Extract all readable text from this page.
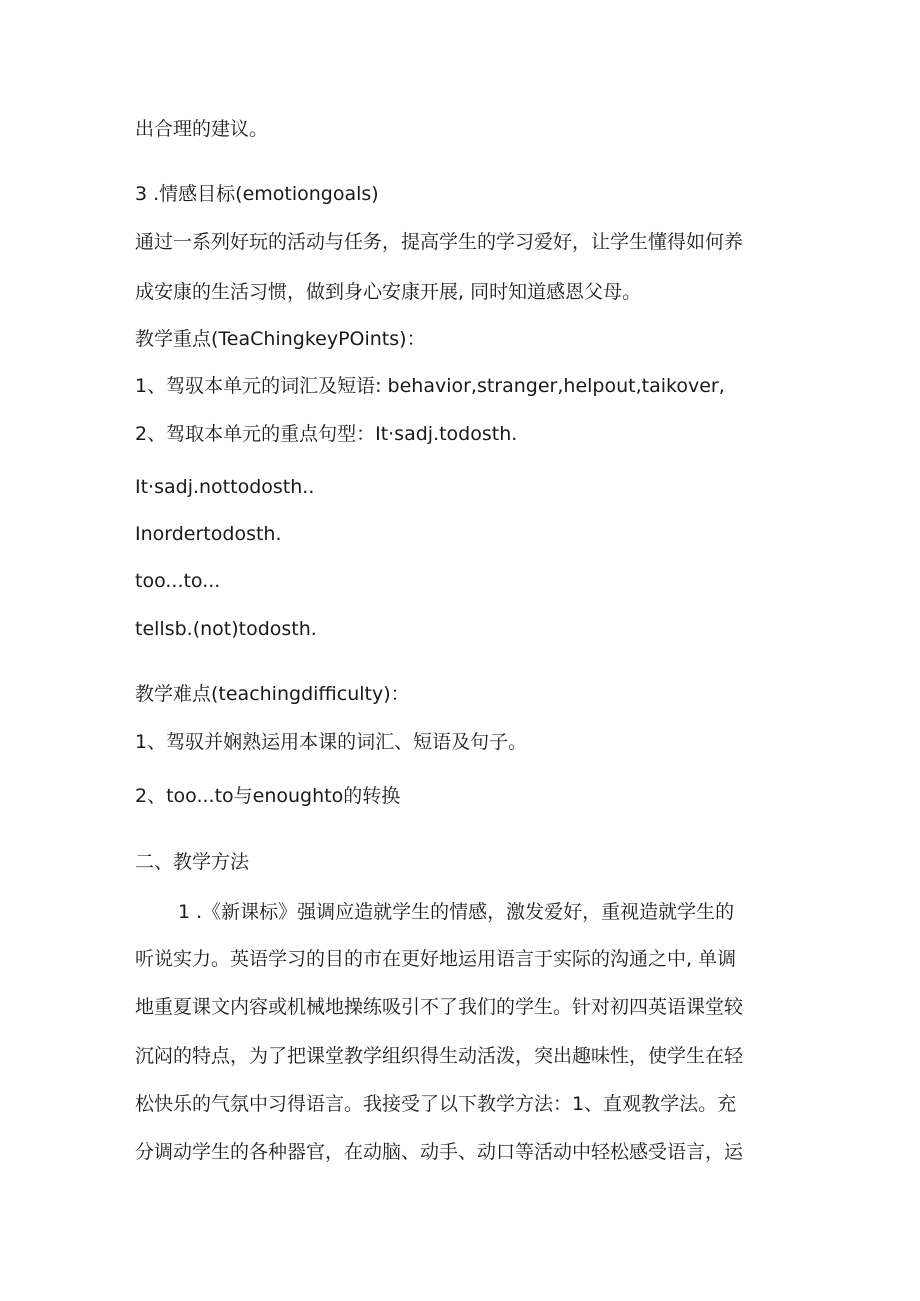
出合理的建议。
3 .情感目标(emotiongoals)
通过一系列好玩的活动与任务，提高学生的学习爱好，让学生懂得如何养
成安康的生活习惯，做到身心安康开展, 同时知道感恩父母。
教学重点(TeaChingkeyPOints)：
1、驾驭本单元的词汇及短语: behavior,stranger,helpout,taikover,
2、驾取本单元的重点句型：It·sadj.todosth.
It·sadj.nottodosth..
Inordertodosth.
too...to...
tellsb.(not)todosth.
教学难点(teachingdifficulty)：
1、驾驭并娴熟运用本课的词汇、短语及句子。
2、too...to与enoughto的转换
二、教学方法
1 .《新课标》强调应造就学生的情感，激发爱好，重视造就学生的
听说实力。英语学习的目的市在更好地运用语言于实际的沟通之中, 单调
地重夏课文内容或机械地操练吸引不了我们的学生。针对初四英语课堂较
沉闷的特点，为了把课堂教学组织得生动活泼，突出趣味性，使学生在轻
松快乐的气氛中习得语言。我接受了以下教学方法：1、直观教学法。充
分调动学生的各种器官，在动脑、动手、动口等活动中轻松感受语言，运
